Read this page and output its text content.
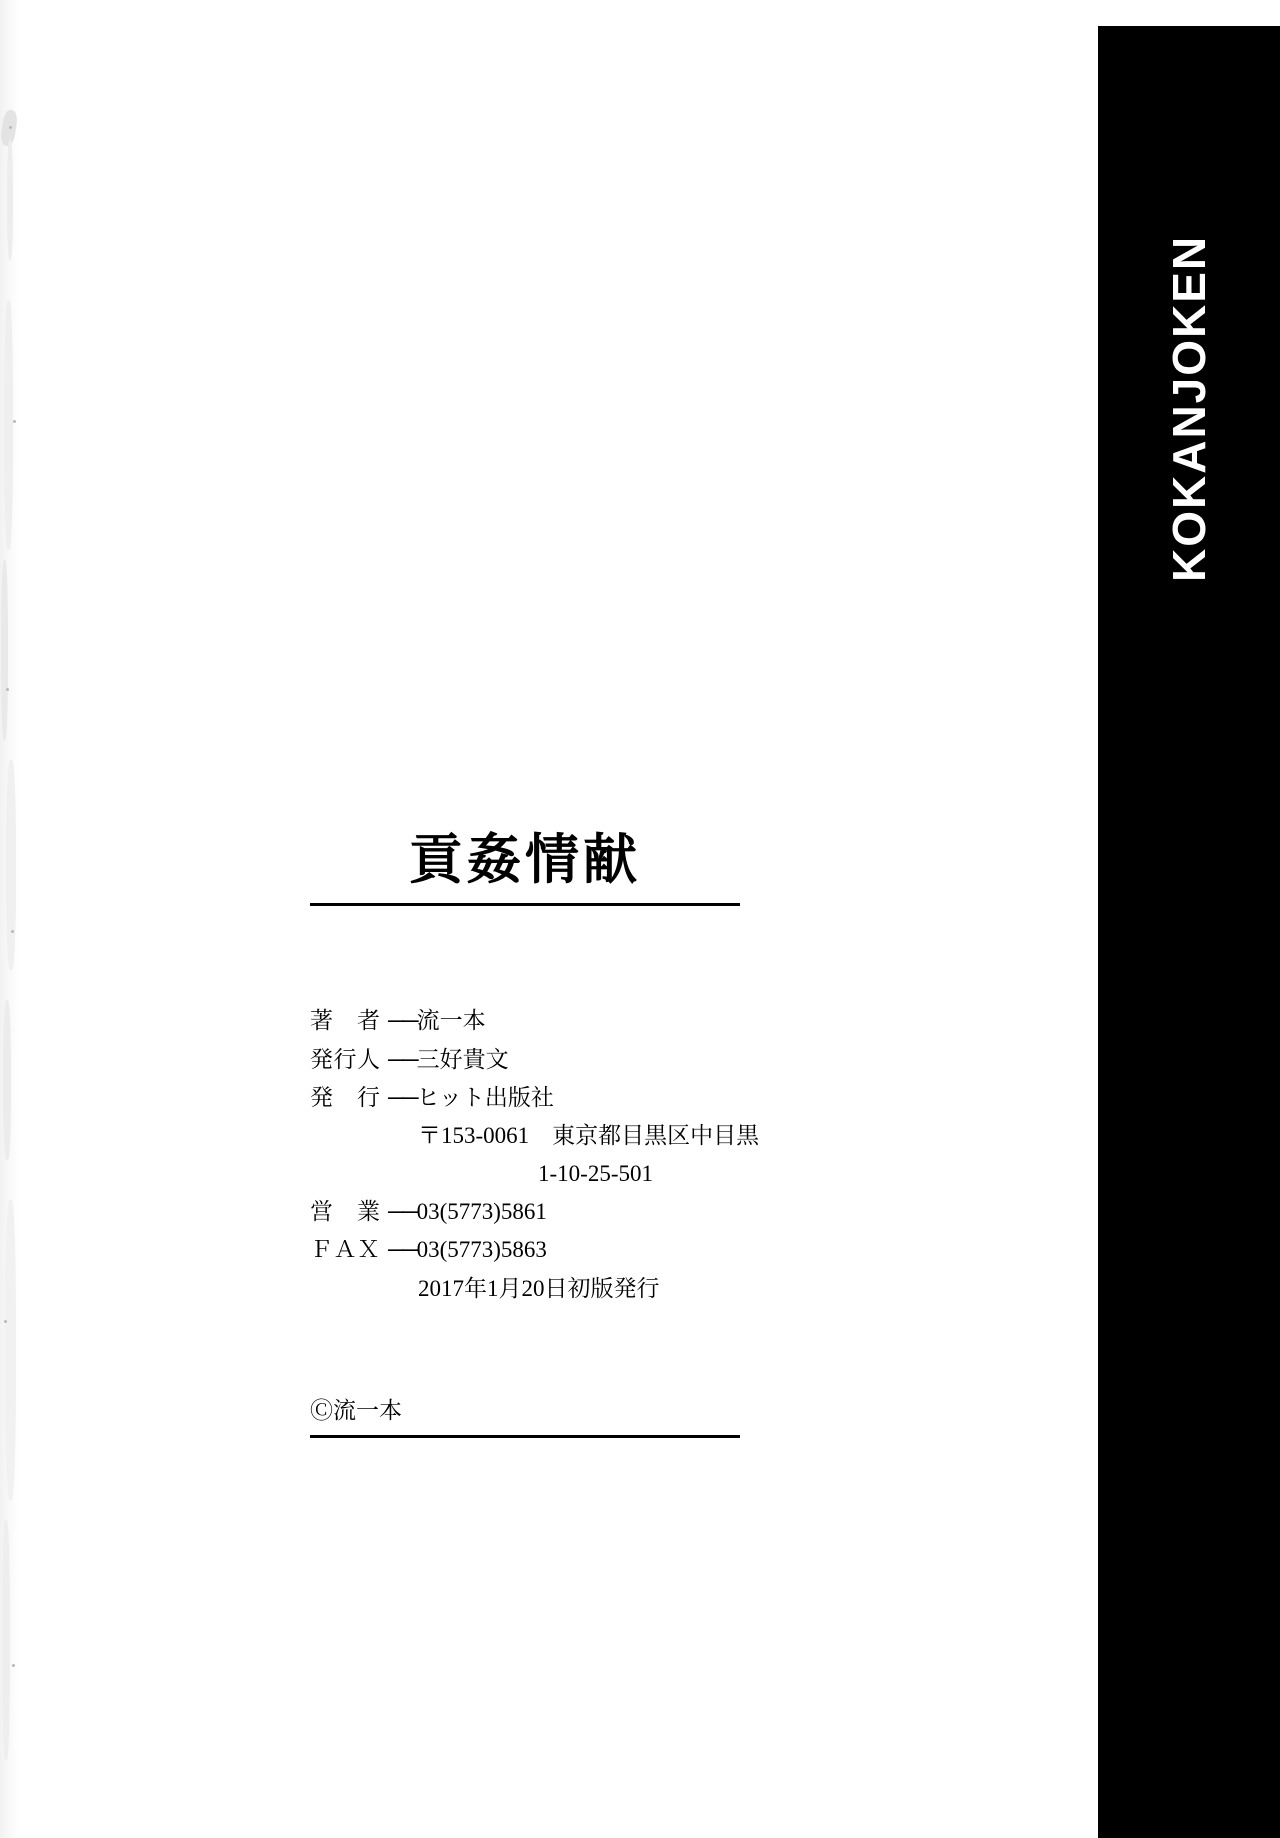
KOKANJOKEN
貢姦情献
著　者 ──流一本
発行人 ──三好貴文
発　行 ──ヒット出版社
〒153-0061　東京都目黒区中目黒
1-10-25-501
営　業 ──03(5773)5861
ＦＡＸ ──03(5773)5863
2017年1月20日初版発行
Ⓒ流一本
